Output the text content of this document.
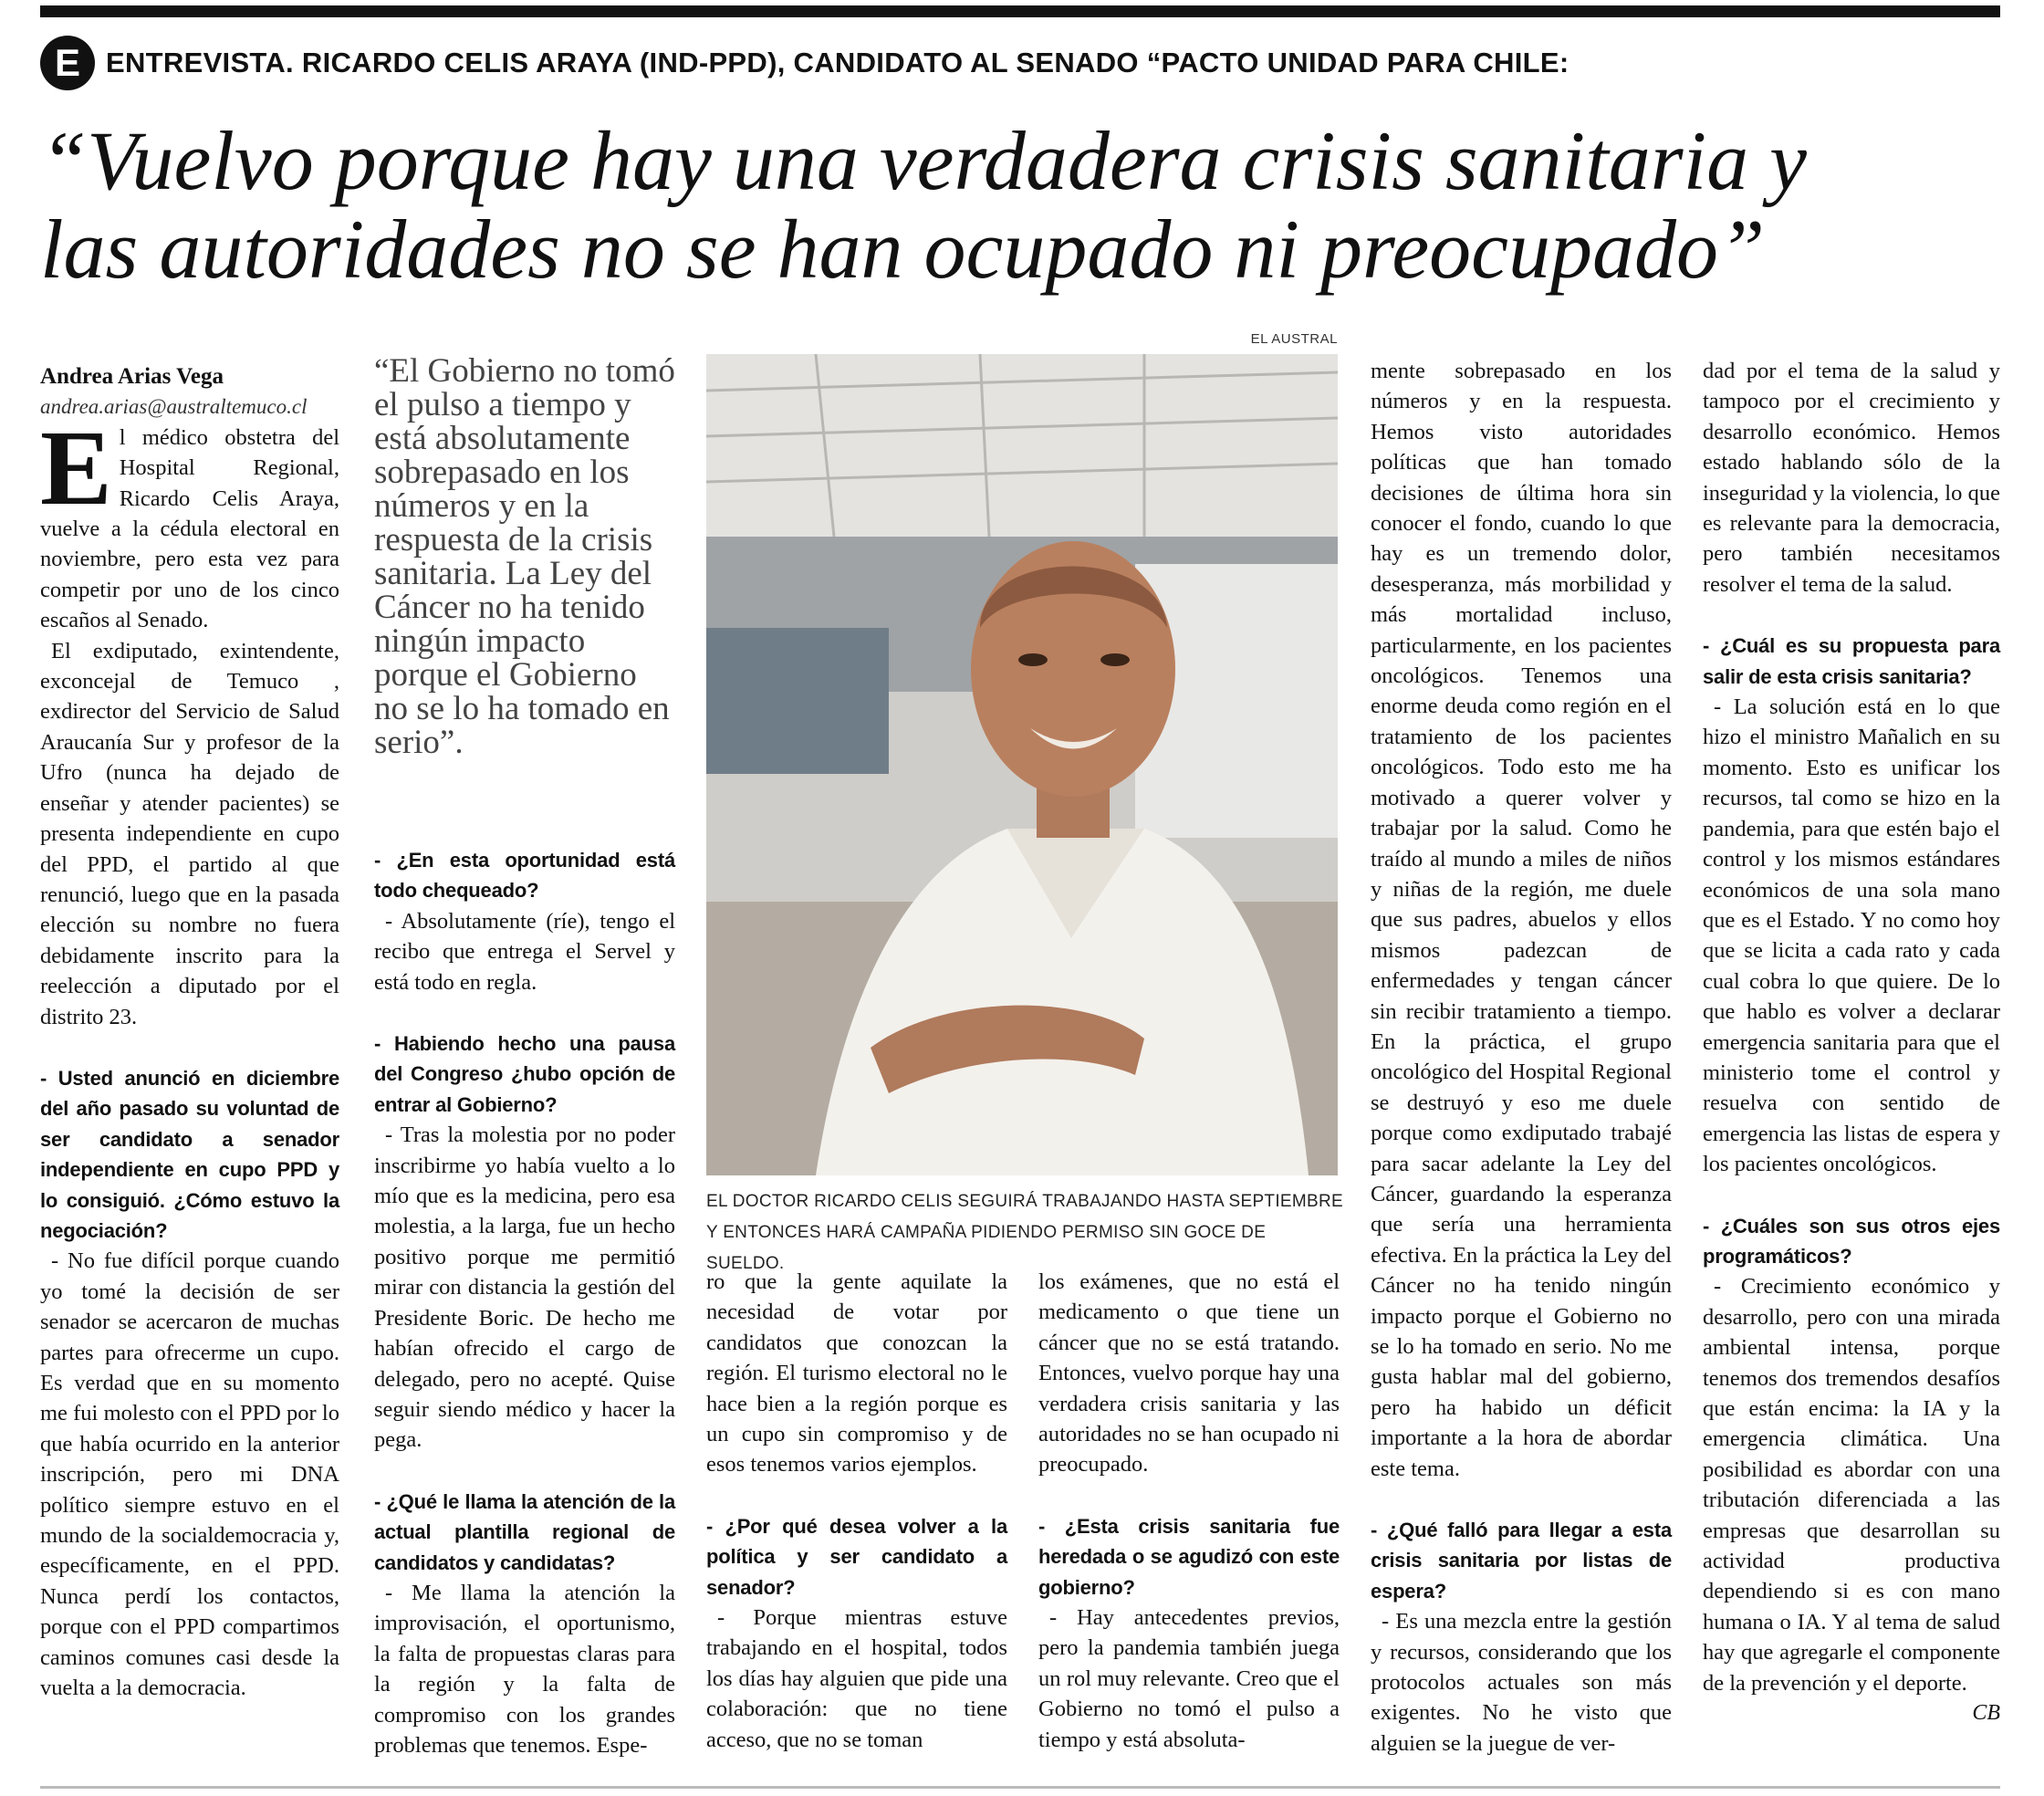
E ENTREVISTA. RICARDO CELIS ARAYA (IND-PPD), CANDIDATO AL SENADO “PACTO UNIDAD PARA CHILE:
“Vuelvo porque hay una verdadera crisis sanitaria y
las autoridades no se han ocupado ni preocupado”

Andrea Arias Vega

andrea.arias@australtemuco.cl

El médico obstetra del Hospital Regional, Ricardo Celis Araya, vuelve a la cédula electoral en noviembre, pero esta vez para competir por uno de los cinco escaños al Senado.

El exdiputado, exintendente, exconcejal de Temuco , exdirector del Servicio de Salud Araucanía Sur y profesor de la Ufro (nunca ha dejado de enseñar y atender pacientes) se presenta independiente en cupo del PPD, el partido al que renunció, luego que en la pasada elección su nombre no fuera debidamente inscrito para la reelección a diputado por el distrito 23.

- Usted anunció en diciembre del año pasado su voluntad de ser candidato a senador independiente en cupo PPD y lo consiguió. ¿Cómo estuvo la negociación?

- No fue difícil porque cuando yo tomé la decisión de ser senador se acercaron de muchas partes para ofrecerme un cupo. Es verdad que en su momento me fui molesto con el PPD por lo que había ocurrido en la anterior inscripción, pero mi DNA político siempre estuvo en el mundo de la socialdemocracia y, específicamente, en el PPD. Nunca perdí los contactos, porque con el PPD compartimos caminos comunes casi desde la vuelta a la democracia.

“El Gobierno no tomó el pulso a tiempo y está absolutamente sobrepasado en los números y en la respuesta de la crisis sanitaria. La Ley del Cáncer no ha tenido ningún impacto porque el Gobierno no se lo ha tomado en serio”.

- ¿En esta oportunidad está todo chequeado?

- Absolutamente (ríe), tengo el recibo que entrega el Servel y está todo en regla.

- Habiendo hecho una pausa del Congreso ¿hubo opción de entrar al Gobierno?

- Tras la molestia por no poder inscribirme yo había vuelto a lo mío que es la medicina, pero esa molestia, a la larga, fue un hecho positivo porque me permitió mirar con distancia la gestión del Presidente Boric. De hecho me habían ofrecido el cargo de delegado, pero no acepté. Quise seguir siendo médico y hacer la pega.

- ¿Qué le llama la atención de la actual plantilla regional de candidatos y candidatas?

- Me llama la atención la improvisación, el oportunismo, la falta de propuestas claras para la región y la falta de compromiso con los grandes problemas que tenemos. Espe-

EL AUSTRAL

EL DOCTOR RICARDO CELIS SEGUIRÁ TRABAJANDO HASTA SEPTIEMBRE Y ENTONCES HARÁ CAMPAÑA PIDIENDO PERMISO SIN GOCE DE SUELDO.

ro que la gente aquilate la necesidad de votar por candidatos que conozcan la región. El turismo electoral no le hace bien a la región porque es un cupo sin compromiso y de esos tenemos varios ejemplos.

- ¿Por qué desea volver a la política y ser candidato a senador?

- Porque mientras estuve trabajando en el hospital, todos los días hay alguien que pide una colaboración: que no tiene acceso, que no se toman

los exámenes, que no está el medicamento o que tiene un cáncer que no se está tratando. Entonces, vuelvo porque hay una verdadera crisis sanitaria y las autoridades no se han ocupado ni preocupado.

- ¿Esta crisis sanitaria fue heredada o se agudizó con este gobierno?

- Hay antecedentes previos, pero la pandemia también juega un rol muy relevante. Creo que el Gobierno no tomó el pulso a tiempo y está absoluta-

mente sobrepasado en los números y en la respuesta. Hemos visto autoridades políticas que han tomado decisiones de última hora sin conocer el fondo, cuando lo que hay es un tremendo dolor, desesperanza, más morbilidad y más mortalidad incluso, particularmente, en los pacientes oncológicos. Tenemos una enorme deuda como región en el tratamiento de los pacientes oncológicos. Todo esto me ha motivado a querer volver y trabajar por la salud. Como he traído al mundo a miles de niños y niñas de la región, me duele que sus padres, abuelos y ellos mismos padezcan de enfermedades y tengan cáncer sin recibir tratamiento a tiempo. En la práctica, el grupo oncológico del Hospital Regional se destruyó y eso me duele porque como exdiputado trabajé para sacar adelante la Ley del Cáncer, guardando la esperanza que sería una herramienta efectiva. En la práctica la Ley del Cáncer no ha tenido ningún impacto porque el Gobierno no se lo ha tomado en serio. No me gusta hablar mal del gobierno, pero ha habido un déficit importante a la hora de abordar este tema.

- ¿Qué falló para llegar a esta crisis sanitaria por listas de espera?

- Es una mezcla entre la gestión y recursos, considerando que los protocolos actuales son más exigentes. No he visto que alguien se la juegue de ver-

dad por el tema de la salud y tampoco por el crecimiento y desarrollo económico. Hemos estado hablando sólo de la inseguridad y la violencia, lo que es relevante para la democracia, pero también necesitamos resolver el tema de la salud.

- ¿Cuál es su propuesta para salir de esta crisis sanitaria?

- La solución está en lo que hizo el ministro Mañalich en su momento. Esto es unificar los recursos, tal como se hizo en la pandemia, para que estén bajo el control y los mismos estándares económicos de una sola mano que es el Estado. Y no como hoy que se licita a cada rato y cada cual cobra lo que quiere. De lo que hablo es volver a declarar emergencia sanitaria para que el ministerio tome el control y resuelva con sentido de emergencia las listas de espera y los pacientes oncológicos.

- ¿Cuáles son sus otros ejes programáticos?

- Crecimiento económico y desarrollo, pero con una mirada ambiental intensa, porque tenemos dos tremendos desafíos que están encima: la IA y la emergencia climática. Una posibilidad es abordar con una tributación diferenciada a las empresas que desarrollan su actividad productiva dependiendo si es con mano humana o IA. Y al tema de salud hay que agregarle el componente de la prevención y el deporte.
CB
